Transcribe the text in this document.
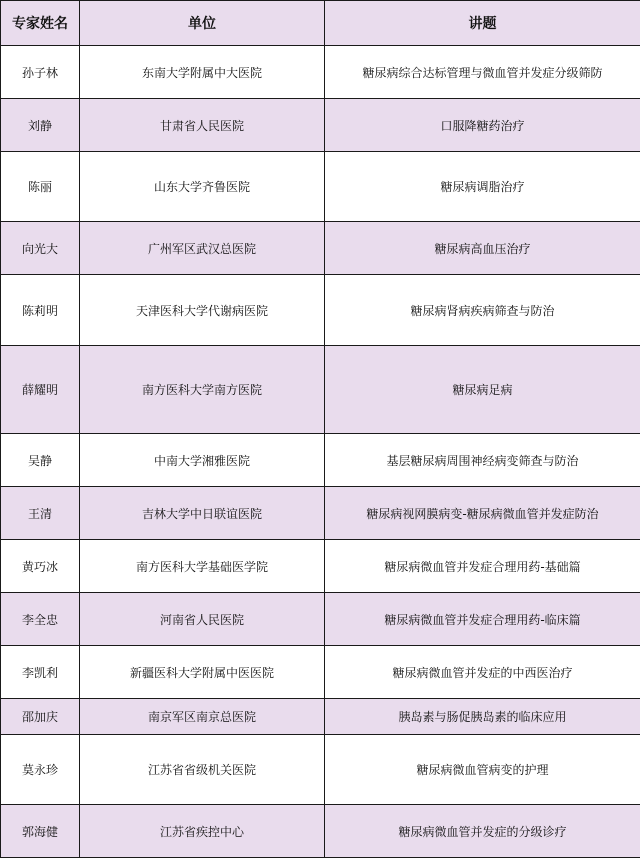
专家姓名	单位	讲题
孙子林	东南大学附属中大医院	糖尿病综合达标管理与微血管并发症分级筛防
刘静	甘肃省人民医院	口服降糖药治疗
陈丽	山东大学齐鲁医院	糖尿病调脂治疗
向光大	广州军区武汉总医院	糖尿病高血压治疗
陈莉明	天津医科大学代谢病医院	糖尿病肾病疾病筛查与防治
薛耀明	南方医科大学南方医院	糖尿病足病
吴静	中南大学湘雅医院	基层糖尿病周围神经病变筛查与防治
王清	吉林大学中日联谊医院	糖尿病视网膜病变-糖尿病微血管并发症防治
黄巧冰	南方医科大学基础医学院	糖尿病微血管并发症合理用药-基础篇
李全忠	河南省人民医院	糖尿病微血管并发症合理用药-临床篇
李凯利	新疆医科大学附属中医医院	糖尿病微血管并发症的中西医治疗
邵加庆	南京军区南京总医院	胰岛素与肠促胰岛素的临床应用
莫永珍	江苏省省级机关医院	糖尿病微血管病变的护理
郭海健	江苏省疾控中心	糖尿病微血管并发症的分级诊疗
